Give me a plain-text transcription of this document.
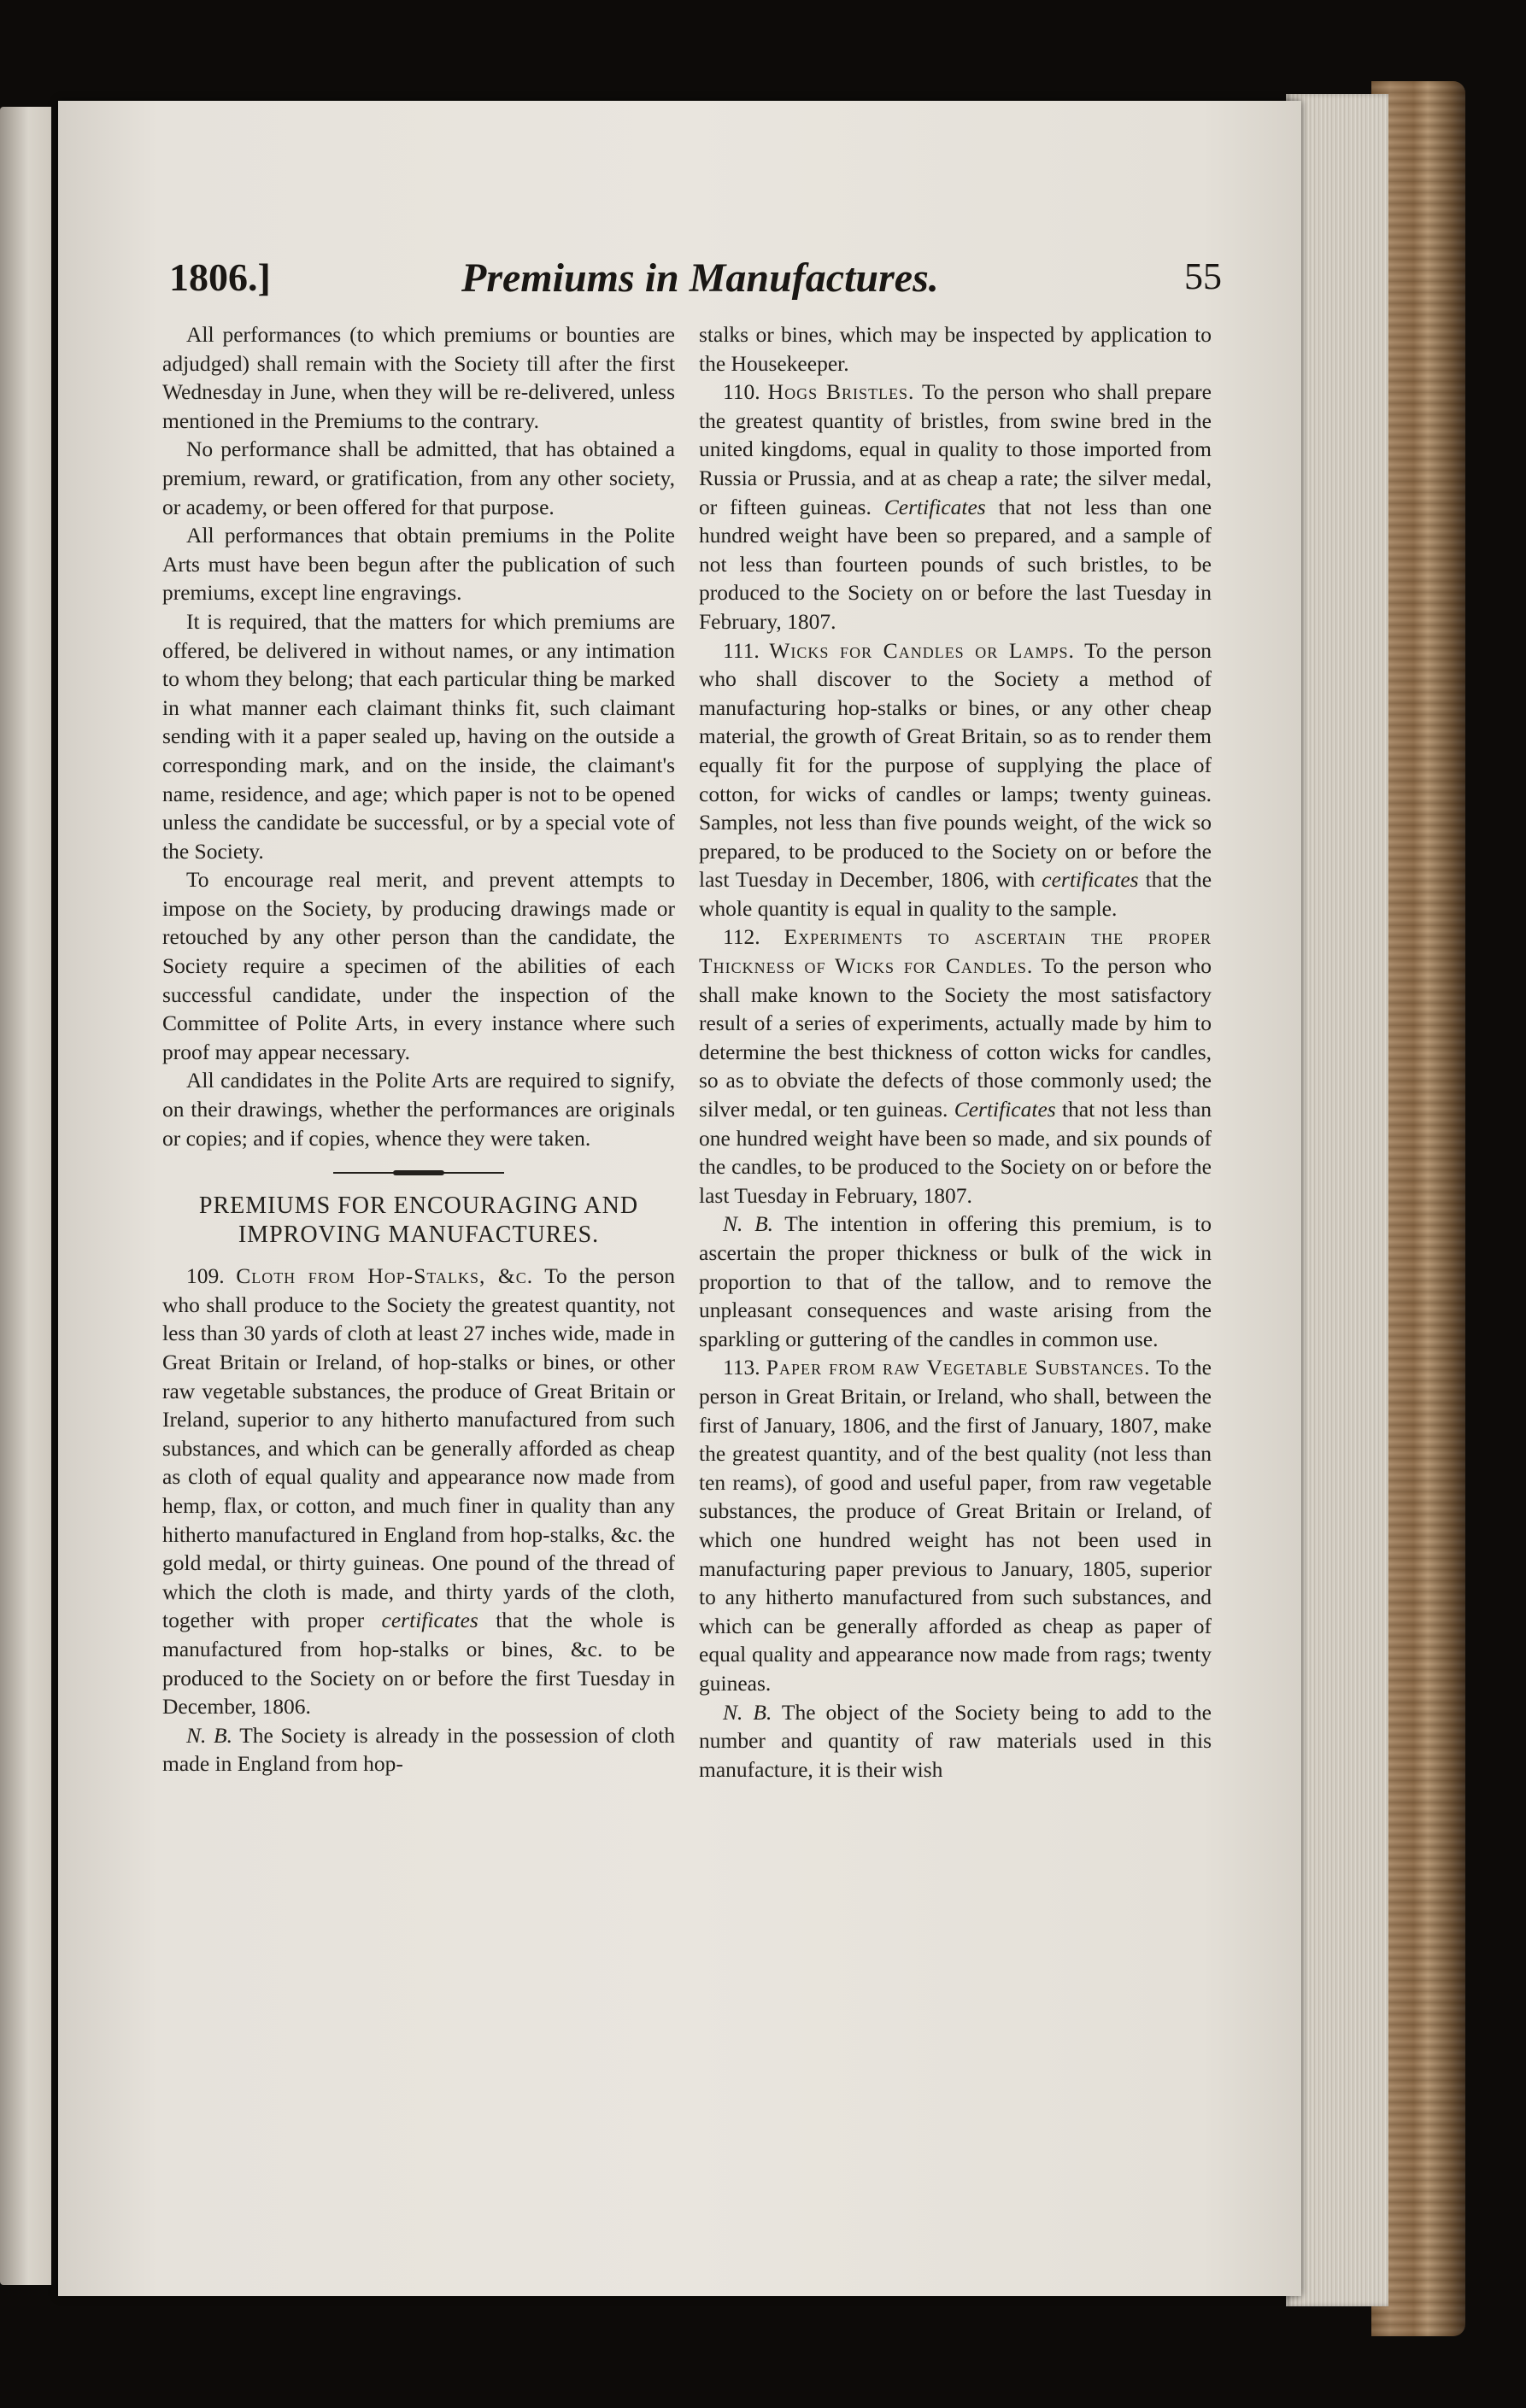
1806.]	Premiums in Manufactures.	55

All performances (to which premiums or bounties are adjudged) shall remain with the Society till after the first Wednesday in June, when they will be re-delivered, unless mentioned in the Premiums to the contrary.

No performance shall be admitted, that has obtained a premium, reward, or gratification, from any other society, or academy, or been offered for that purpose.

All performances that obtain premiums in the Polite Arts must have been begun after the publication of such premiums, except line engravings.

It is required, that the matters for which premiums are offered, be delivered in without names, or any intimation to whom they belong; that each particular thing be marked in what manner each claimant thinks fit, such claimant sending with it a paper sealed up, having on the outside a corresponding mark, and on the inside, the claimant's name, residence, and age; which paper is not to be opened unless the candidate be successful, or by a special vote of the Society.

To encourage real merit, and prevent attempts to impose on the Society, by producing drawings made or retouched by any other person than the candidate, the Society require a specimen of the abilities of each successful candidate, under the inspection of the Committee of Polite Arts, in every instance where such proof may appear necessary.

All candidates in the Polite Arts are required to signify, on their drawings, whether the performances are originals or copies; and if copies, whence they were taken.

PREMIUMS FOR ENCOURAGING AND
IMPROVING MANUFACTURES.

109. Cloth from Hop-Stalks, &c. To the person who shall produce to the Society the greatest quantity, not less than 30 yards of cloth at least 27 inches wide, made in Great Britain or Ireland, of hop-stalks or bines, or other raw vegetable substances, the produce of Great Britain or Ireland, superior to any hitherto manufactured from such substances, and which can be generally afforded as cheap as cloth of equal quality and appearance now made from hemp, flax, or cotton, and much finer in quality than any hitherto manufactured in England from hop-stalks, &c. the gold medal, or thirty guineas. One pound of the thread of which the cloth is made, and thirty yards of the cloth, together with proper certificates that the whole is manufactured from hop-stalks or bines, &c. to be produced to the Society on or before the first Tuesday in December, 1806.

N. B. The Society is already in the possession of cloth made in England from hop-

stalks or bines, which may be inspected by application to the Housekeeper.

110. Hogs Bristles. To the person who shall prepare the greatest quantity of bristles, from swine bred in the united kingdoms, equal in quality to those imported from Russia or Prussia, and at as cheap a rate; the silver medal, or fifteen guineas. Certificates that not less than one hundred weight have been so prepared, and a sample of not less than fourteen pounds of such bristles, to be produced to the Society on or before the last Tuesday in February, 1807.

111. Wicks for Candles or Lamps. To the person who shall discover to the Society a method of manufacturing hop-stalks or bines, or any other cheap material, the growth of Great Britain, so as to render them equally fit for the purpose of supplying the place of cotton, for wicks of candles or lamps; twenty guineas. Samples, not less than five pounds weight, of the wick so prepared, to be produced to the Society on or before the last Tuesday in December, 1806, with certificates that the whole quantity is equal in quality to the sample.

112. Experiments to ascertain the proper Thickness of Wicks for Candles. To the person who shall make known to the Society the most satisfactory result of a series of experiments, actually made by him to determine the best thickness of cotton wicks for candles, so as to obviate the defects of those commonly used; the silver medal, or ten guineas. Certificates that not less than one hundred weight have been so made, and six pounds of the candles, to be produced to the Society on or before the last Tuesday in February, 1807.

N. B. The intention in offering this premium, is to ascertain the proper thickness or bulk of the wick in proportion to that of the tallow, and to remove the unpleasant consequences and waste arising from the sparkling or guttering of the candles in common use.

113. Paper from raw Vegetable Substances. To the person in Great Britain, or Ireland, who shall, between the first of January, 1806, and the first of January, 1807, make the greatest quantity, and of the best quality (not less than ten reams), of good and useful paper, from raw vegetable substances, the produce of Great Britain or Ireland, of which one hundred weight has not been used in manufacturing paper previous to January, 1805, superior to any hitherto manufactured from such substances, and which can be generally afforded as cheap as paper of equal quality and appearance now made from rags; twenty guineas.

N. B. The object of the Society being to add to the number and quantity of raw materials used in this manufacture, it is their wish
